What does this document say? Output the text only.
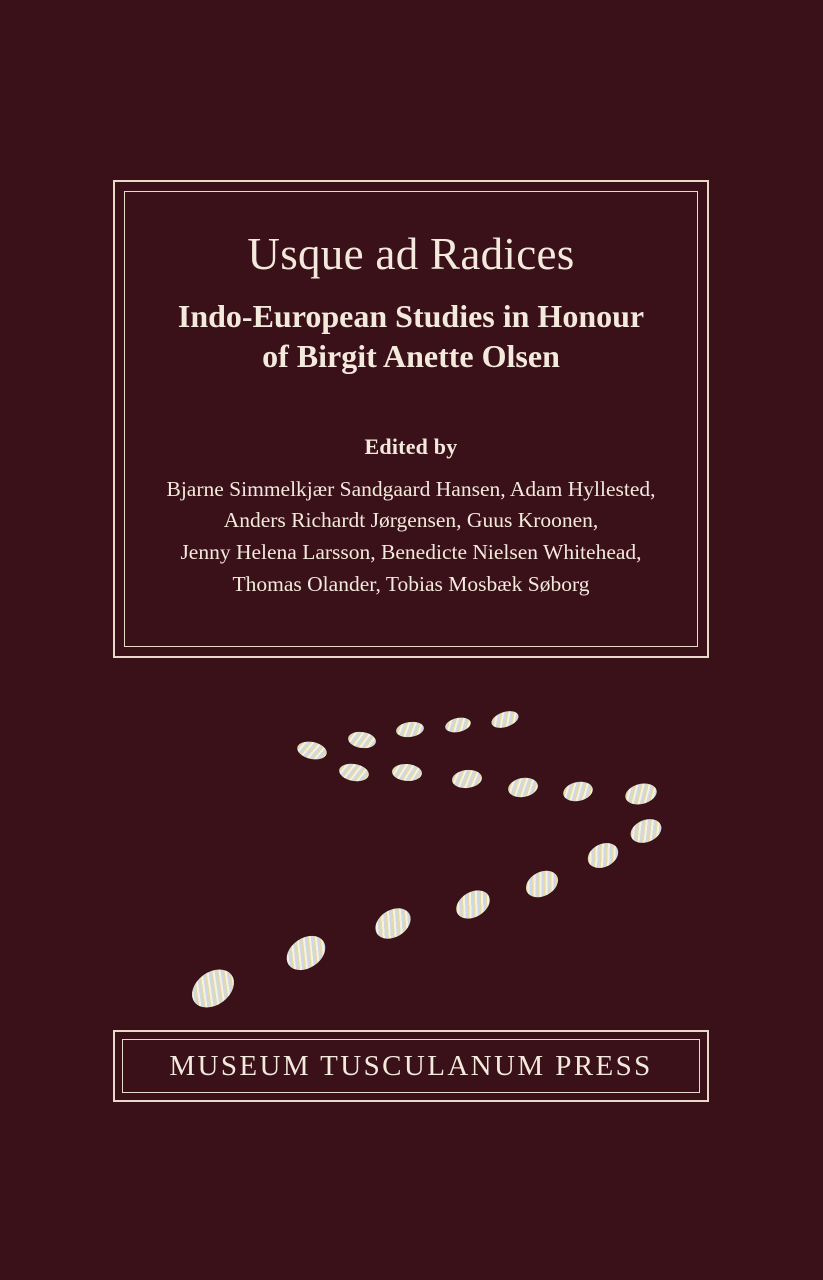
Usque ad Radices
Indo-European Studies in Honour
of Birgit Anette Olsen
Edited by
Bjarne Simmelkjær Sandgaard Hansen, Adam Hyllested,
Anders Richardt Jørgensen, Guus Kroonen,
Jenny Helena Larsson, Benedicte Nielsen Whitehead,
Thomas Olander, Tobias Mosbæk Søborg
MUSEUM TUSCULANUM PRESS
